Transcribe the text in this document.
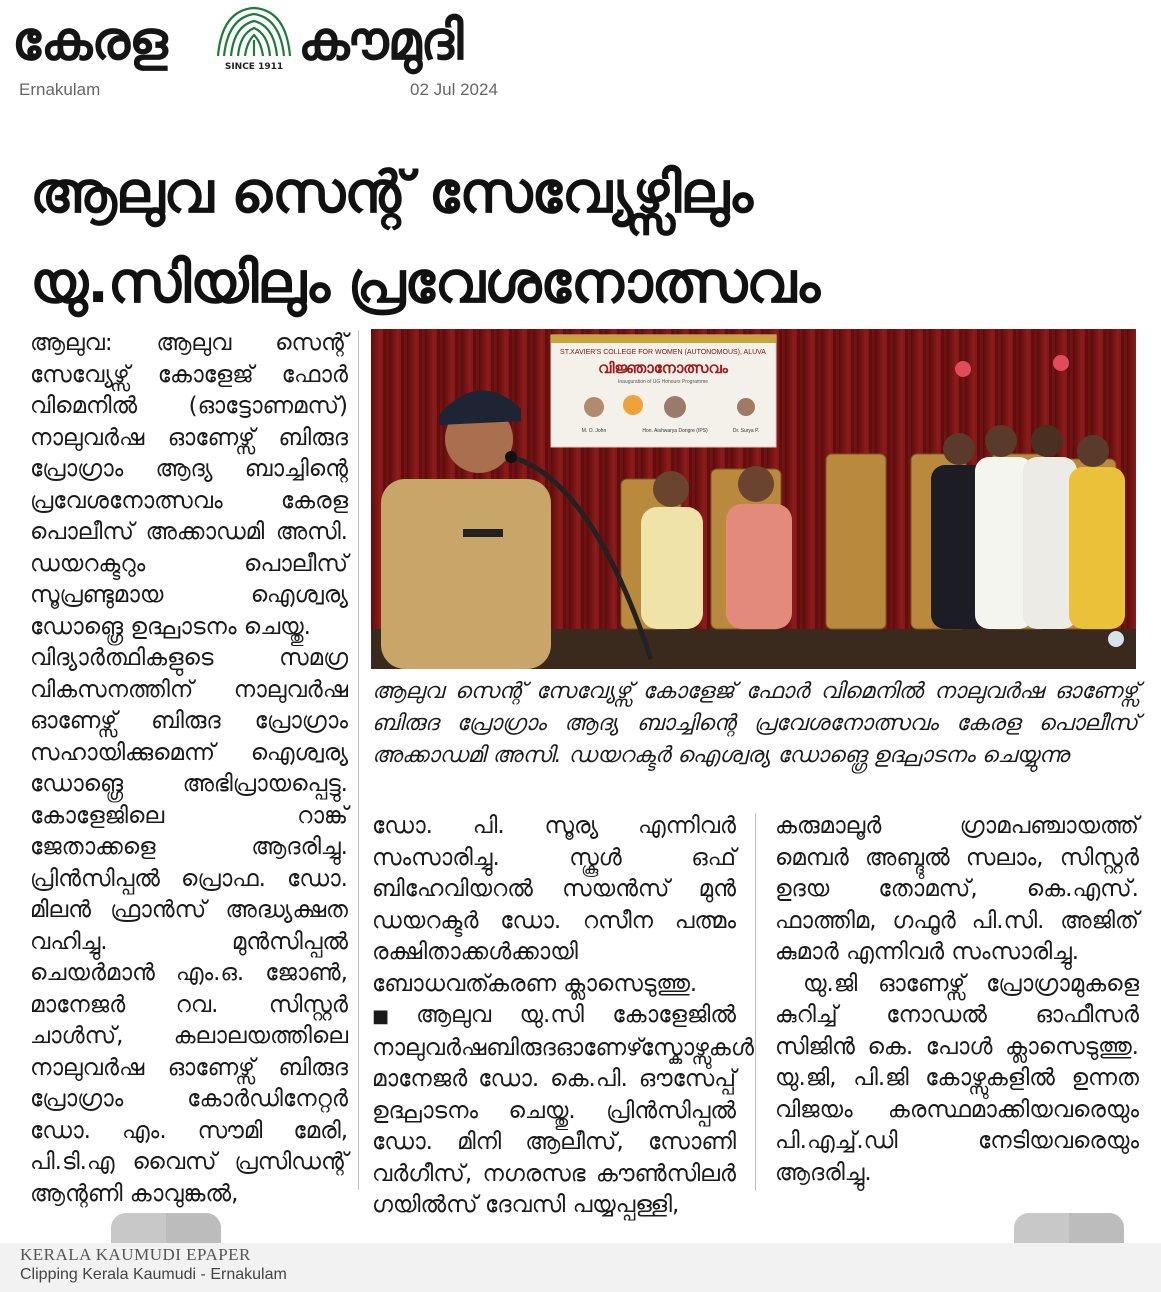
കേരള	SINCE 1911 കൗമുദി
Ernakulam	02 Jul 2024
ആലുവ സെന്റ് സേവ്യേഴ്സിലും
യു.സിയിലും പ്രവേശനോത്സവം

ആലുവ: ആലുവ സെന്റ് സേവ്യേഴ്സ് കോളേജ് ഫോർ വിമെനിൽ (ഓട്ടോണമസ്) നാലുവർഷ ഓണേഴ്സ് ബിരുദ പ്രോഗ്രാം ആദ്യ ബാച്ചിന്റെ പ്രവേശനോത്സവം കേരള പൊലീസ് അക്കാഡമി അസി. ഡയറക്ടറും പൊലീസ് സൂപ്രണ്ടുമായ ഐശ്വര്യ ഡോങ്ഗ്രെ ഉദ്ഘാടനം ചെയ്തു.

വിദ്യാർത്ഥികളുടെ സമഗ്ര വികസനത്തിന് നാലുവർഷ ഓണേഴ്സ് ബിരുദ പ്രോഗ്രാം സഹായിക്കുമെന്ന് ഐശ്വര്യ ഡോങ്ഗ്രെ അഭിപ്രായപ്പെട്ടു. കോളേജിലെ റാങ്ക് ജേതാക്കളെ ആദരിച്ചു. പ്രിൻസിപ്പൽ പ്രൊഫ. ഡോ. മിലൻ ഫ്രാൻസ് അദ്ധ്യക്ഷത വഹിച്ചു. മുൻസിപ്പൽ ചെയർമാൻ എം.ഒ. ജോൺ, മാനേജർ റവ. സിസ്റ്റർ ചാൾസ്, കലാലയത്തിലെ നാലുവർഷ ഓണേഴ്സ് ബിരുദ പ്രോഗ്രാം കോർഡിനേറ്റർ ഡോ. എം. സൗമി മേരി, പി.ടി.എ വൈസ് പ്രസിഡന്റ് ആന്റണി കാവുങ്കൽ,

ST.XAVIER'S COLLEGE FOR WOMEN (AUTONOMOUS), ALUVA
വിജ്ഞാനോത്സവം
Inauguration of UG Honours Programme
M. O. John	Hon. Aishwarya Dongre (IPS)	Dr. Surya P.
ആലുവ സെന്റ് സേവ്യേഴ്സ് കോളേജ് ഫോർ വിമെനിൽ നാലുവർഷ ഓണേഴ്സ് ബിരുദ പ്രോഗ്രാം ആദ്യ ബാച്ചിന്റെ പ്രവേശനോത്സവം കേരള പൊലീസ് അക്കാഡമി അസി. ഡയറക്ടർ ഐശ്വര്യ ഡോങ്ഗ്രെ ഉദ്ഘാടനം ചെയ്യുന്നു

ഡോ. പി. സൂര്യ എന്നിവർ സംസാരിച്ചു. സ്കൂൾ ഒഫ് ബിഹേവിയറൽ സയൻസ് മുൻ ഡയറക്ടർ ഡോ. റസീന പത്മം രക്ഷിതാക്കൾക്കായി ബോധവത്കരണ ക്ലാസെടുത്തു.

■ ആലുവ യു.സി കോളേജിൽ നാലുവർഷബിരുദഓണേഴ്സ്കോഴ്സുകൾ മാനേജർ ഡോ. കെ.പി. ഔസേപ്പ് ഉദ്ഘാടനം ചെയ്തു. പ്രിൻസിപ്പൽ ഡോ. മിനി ആലീസ്, സോണി വർഗീസ്, നഗരസഭ കൗൺസിലർ ഗയിൽസ് ദേവസി പയ്യപ്പള്ളി,

കരുമാലൂർ ഗ്രാമപഞ്ചായത്ത് മെമ്പർ അബ്ദുൽ സലാം, സിസ്റ്റർ ഉദയ തോമസ്, കെ.എസ്. ഫാത്തിമ, ഗഫൂർ പി.സി. അജിത് കുമാർ എന്നിവർ സംസാരിച്ചു.

യു.ജി ഓണേഴ്സ് പ്രോഗ്രാമുകളെ കുറിച്ച് നോഡൽ ഓഫീസർ സിജിൻ കെ. പോൾ ക്ലാസെടുത്തു. യു.ജി, പി.ജി കോഴ്സുകളിൽ ഉന്നത വിജയം കരസ്ഥമാക്കിയവരെയും പി.എച്ച്.ഡി നേടിയവരെയും ആദരിച്ചു.

KERALA KAUMUDI EPAPER
Clipping Kerala Kaumudi - Ernakulam
